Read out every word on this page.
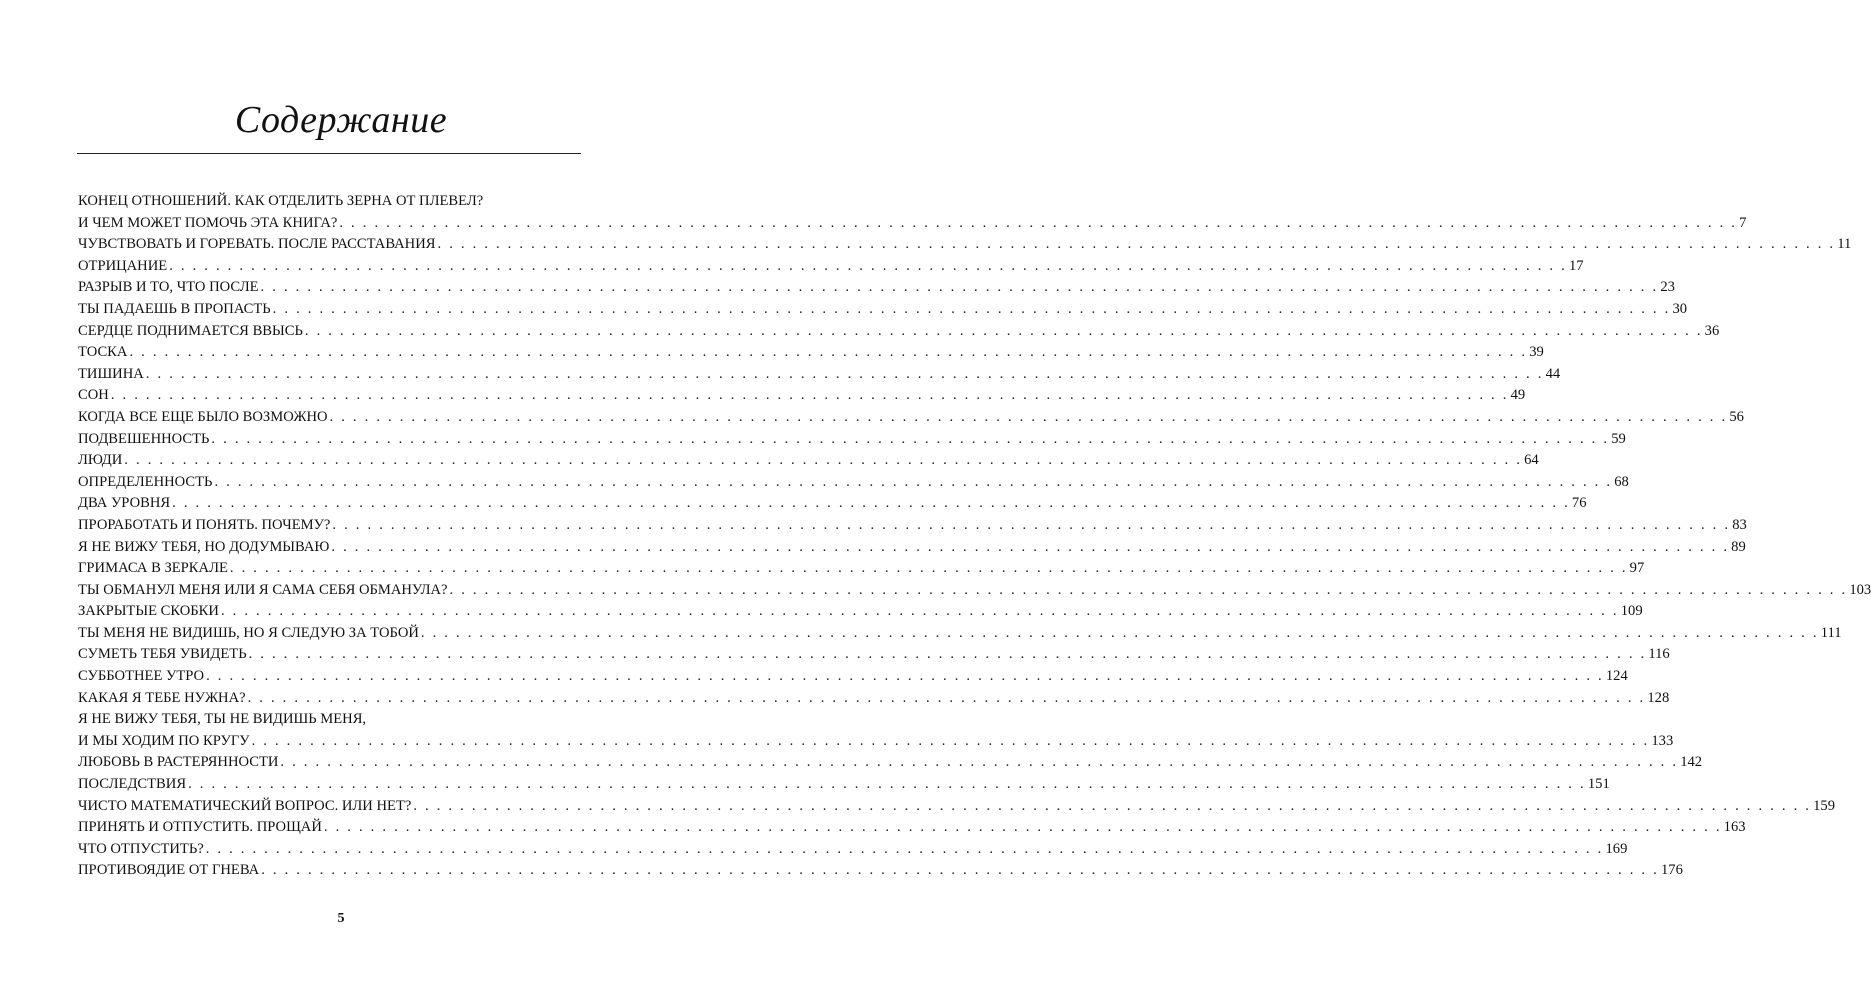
Содержание
КОНЕЦ ОТНОШЕНИЙ. КАК ОТДЕЛИТЬ ЗЕРНА ОТ ПЛЕВЕЛ?
И ЧЕМ МОЖЕТ ПОМОЧЬ ЭТА КНИГА? . . . . . . . . . . . . . . . . . . . . . . . . . . . . . . . . . . . . . . . . . . . . . . . . . . . . . . . . . . . . . . . . . . . . . . . . . . . . . . . . . . . . . . . . . . . . . . . . . . . . . . . . . . . . . . . . . . . . . . . . 7
ЧУВСТВОВАТЬ И ГОРЕВАТЬ. ПОСЛЕ РАССТАВАНИЯ . . . . . . . . . . . . . . . . . . . . . . . . . . . . . . . . . . . . . . . . . . . . . . . . . . . . . . . . . . . . . . . . . . . . . . . . . . . . . . . . . . . . . . . . . . . . . . . . . . . . . . . . . . . . . . . . . . . . . . . . 11
ОТРИЦАНИЕ . . . . . . . . . . . . . . . . . . . . . . . . . . . . . . . . . . . . . . . . . . . . . . . . . . . . . . . . . . . . . . . . . . . . . . . . . . . . . . . . . . . . . . . . . . . . . . . . . . . . . . . . . . . . . . . . . . . . . . . . 17
РАЗРЫВ И ТО, ЧТО ПОСЛЕ . . . . . . . . . . . . . . . . . . . . . . . . . . . . . . . . . . . . . . . . . . . . . . . . . . . . . . . . . . . . . . . . . . . . . . . . . . . . . . . . . . . . . . . . . . . . . . . . . . . . . . . . . . . . . . . . . . . . . . . . 23
ТЫ ПАДАЕШЬ В ПРОПАСТЬ . . . . . . . . . . . . . . . . . . . . . . . . . . . . . . . . . . . . . . . . . . . . . . . . . . . . . . . . . . . . . . . . . . . . . . . . . . . . . . . . . . . . . . . . . . . . . . . . . . . . . . . . . . . . . . . . . . . . . . . . 30
СЕРДЦЕ ПОДНИМАЕТСЯ ВВЫСЬ . . . . . . . . . . . . . . . . . . . . . . . . . . . . . . . . . . . . . . . . . . . . . . . . . . . . . . . . . . . . . . . . . . . . . . . . . . . . . . . . . . . . . . . . . . . . . . . . . . . . . . . . . . . . . . . . . . . . . . . . 36
ТОСКА . . . . . . . . . . . . . . . . . . . . . . . . . . . . . . . . . . . . . . . . . . . . . . . . . . . . . . . . . . . . . . . . . . . . . . . . . . . . . . . . . . . . . . . . . . . . . . . . . . . . . . . . . . . . . . . . . . . . . . . . 39
ТИШИНА . . . . . . . . . . . . . . . . . . . . . . . . . . . . . . . . . . . . . . . . . . . . . . . . . . . . . . . . . . . . . . . . . . . . . . . . . . . . . . . . . . . . . . . . . . . . . . . . . . . . . . . . . . . . . . . . . . . . . . . . 44
СОН . . . . . . . . . . . . . . . . . . . . . . . . . . . . . . . . . . . . . . . . . . . . . . . . . . . . . . . . . . . . . . . . . . . . . . . . . . . . . . . . . . . . . . . . . . . . . . . . . . . . . . . . . . . . . . . . . . . . . . . . 49
КОГДА ВСЕ ЕЩЕ БЫЛО ВОЗМОЖНО . . . . . . . . . . . . . . . . . . . . . . . . . . . . . . . . . . . . . . . . . . . . . . . . . . . . . . . . . . . . . . . . . . . . . . . . . . . . . . . . . . . . . . . . . . . . . . . . . . . . . . . . . . . . . . . . . . . . . . . . 56
ПОДВЕШЕННОСТЬ . . . . . . . . . . . . . . . . . . . . . . . . . . . . . . . . . . . . . . . . . . . . . . . . . . . . . . . . . . . . . . . . . . . . . . . . . . . . . . . . . . . . . . . . . . . . . . . . . . . . . . . . . . . . . . . . . . . . . . . . 59
ЛЮДИ . . . . . . . . . . . . . . . . . . . . . . . . . . . . . . . . . . . . . . . . . . . . . . . . . . . . . . . . . . . . . . . . . . . . . . . . . . . . . . . . . . . . . . . . . . . . . . . . . . . . . . . . . . . . . . . . . . . . . . . . 64
ОПРЕДЕЛЕННОСТЬ . . . . . . . . . . . . . . . . . . . . . . . . . . . . . . . . . . . . . . . . . . . . . . . . . . . . . . . . . . . . . . . . . . . . . . . . . . . . . . . . . . . . . . . . . . . . . . . . . . . . . . . . . . . . . . . . . . . . . . . . 68
ДВА УРОВНЯ . . . . . . . . . . . . . . . . . . . . . . . . . . . . . . . . . . . . . . . . . . . . . . . . . . . . . . . . . . . . . . . . . . . . . . . . . . . . . . . . . . . . . . . . . . . . . . . . . . . . . . . . . . . . . . . . . . . . . . . . 76
ПРОРАБОТАТЬ И ПОНЯТЬ. ПОЧЕМУ? . . . . . . . . . . . . . . . . . . . . . . . . . . . . . . . . . . . . . . . . . . . . . . . . . . . . . . . . . . . . . . . . . . . . . . . . . . . . . . . . . . . . . . . . . . . . . . . . . . . . . . . . . . . . . . . . . . . . . . . . 83
Я НЕ ВИЖУ ТЕБЯ, НО ДОДУМЫВАЮ . . . . . . . . . . . . . . . . . . . . . . . . . . . . . . . . . . . . . . . . . . . . . . . . . . . . . . . . . . . . . . . . . . . . . . . . . . . . . . . . . . . . . . . . . . . . . . . . . . . . . . . . . . . . . . . . . . . . . . . . 89
ГРИМАСА В ЗЕРКАЛЕ . . . . . . . . . . . . . . . . . . . . . . . . . . . . . . . . . . . . . . . . . . . . . . . . . . . . . . . . . . . . . . . . . . . . . . . . . . . . . . . . . . . . . . . . . . . . . . . . . . . . . . . . . . . . . . . . . . . . . . . . 97
ТЫ ОБМАНУЛ МЕНЯ ИЛИ Я САМА СЕБЯ ОБМАНУЛА? . . . . . . . . . . . . . . . . . . . . . . . . . . . . . . . . . . . . . . . . . . . . . . . . . . . . . . . . . . . . . . . . . . . . . . . . . . . . . . . . . . . . . . . . . . . . . . . . . . . . . . . . . . . . . . . . . . . . . . . . 103
ЗАКРЫТЫЕ СКОБКИ . . . . . . . . . . . . . . . . . . . . . . . . . . . . . . . . . . . . . . . . . . . . . . . . . . . . . . . . . . . . . . . . . . . . . . . . . . . . . . . . . . . . . . . . . . . . . . . . . . . . . . . . . . . . . . . . . . . . . . . . 109
ТЫ МЕНЯ НЕ ВИДИШЬ, НО Я СЛЕДУЮ ЗА ТОБОЙ . . . . . . . . . . . . . . . . . . . . . . . . . . . . . . . . . . . . . . . . . . . . . . . . . . . . . . . . . . . . . . . . . . . . . . . . . . . . . . . . . . . . . . . . . . . . . . . . . . . . . . . . . . . . . . . . . . . . . . . . 111
СУМЕТЬ ТЕБЯ УВИДЕТЬ . . . . . . . . . . . . . . . . . . . . . . . . . . . . . . . . . . . . . . . . . . . . . . . . . . . . . . . . . . . . . . . . . . . . . . . . . . . . . . . . . . . . . . . . . . . . . . . . . . . . . . . . . . . . . . . . . . . . . . . . 116
СУББОТНЕЕ УТРО . . . . . . . . . . . . . . . . . . . . . . . . . . . . . . . . . . . . . . . . . . . . . . . . . . . . . . . . . . . . . . . . . . . . . . . . . . . . . . . . . . . . . . . . . . . . . . . . . . . . . . . . . . . . . . . . . . . . . . . . 124
КАКАЯ Я ТЕБЕ НУЖНА? . . . . . . . . . . . . . . . . . . . . . . . . . . . . . . . . . . . . . . . . . . . . . . . . . . . . . . . . . . . . . . . . . . . . . . . . . . . . . . . . . . . . . . . . . . . . . . . . . . . . . . . . . . . . . . . . . . . . . . . . 128
Я НЕ ВИЖУ ТЕБЯ, ТЫ НЕ ВИДИШЬ МЕНЯ,
И МЫ ХОДИМ ПО КРУГУ . . . . . . . . . . . . . . . . . . . . . . . . . . . . . . . . . . . . . . . . . . . . . . . . . . . . . . . . . . . . . . . . . . . . . . . . . . . . . . . . . . . . . . . . . . . . . . . . . . . . . . . . . . . . . . . . . . . . . . . . 133
ЛЮБОВЬ В РАСТЕРЯННОСТИ . . . . . . . . . . . . . . . . . . . . . . . . . . . . . . . . . . . . . . . . . . . . . . . . . . . . . . . . . . . . . . . . . . . . . . . . . . . . . . . . . . . . . . . . . . . . . . . . . . . . . . . . . . . . . . . . . . . . . . . . 142
ПОСЛЕДСТВИЯ . . . . . . . . . . . . . . . . . . . . . . . . . . . . . . . . . . . . . . . . . . . . . . . . . . . . . . . . . . . . . . . . . . . . . . . . . . . . . . . . . . . . . . . . . . . . . . . . . . . . . . . . . . . . . . . . . . . . . . . . 151
ЧИСТО МАТЕМАТИЧЕСКИЙ ВОПРОС. ИЛИ НЕТ? . . . . . . . . . . . . . . . . . . . . . . . . . . . . . . . . . . . . . . . . . . . . . . . . . . . . . . . . . . . . . . . . . . . . . . . . . . . . . . . . . . . . . . . . . . . . . . . . . . . . . . . . . . . . . . . . . . . . . . . . 159
ПРИНЯТЬ И ОТПУСТИТЬ. ПРОЩАЙ . . . . . . . . . . . . . . . . . . . . . . . . . . . . . . . . . . . . . . . . . . . . . . . . . . . . . . . . . . . . . . . . . . . . . . . . . . . . . . . . . . . . . . . . . . . . . . . . . . . . . . . . . . . . . . . . . . . . . . . . 163
ЧТО ОТПУСТИТЬ? . . . . . . . . . . . . . . . . . . . . . . . . . . . . . . . . . . . . . . . . . . . . . . . . . . . . . . . . . . . . . . . . . . . . . . . . . . . . . . . . . . . . . . . . . . . . . . . . . . . . . . . . . . . . . . . . . . . . . . . . 169
ПРОТИВОЯДИЕ ОТ ГНЕВА . . . . . . . . . . . . . . . . . . . . . . . . . . . . . . . . . . . . . . . . . . . . . . . . . . . . . . . . . . . . . . . . . . . . . . . . . . . . . . . . . . . . . . . . . . . . . . . . . . . . . . . . . . . . . . . . . . . . . . . . 176
5
